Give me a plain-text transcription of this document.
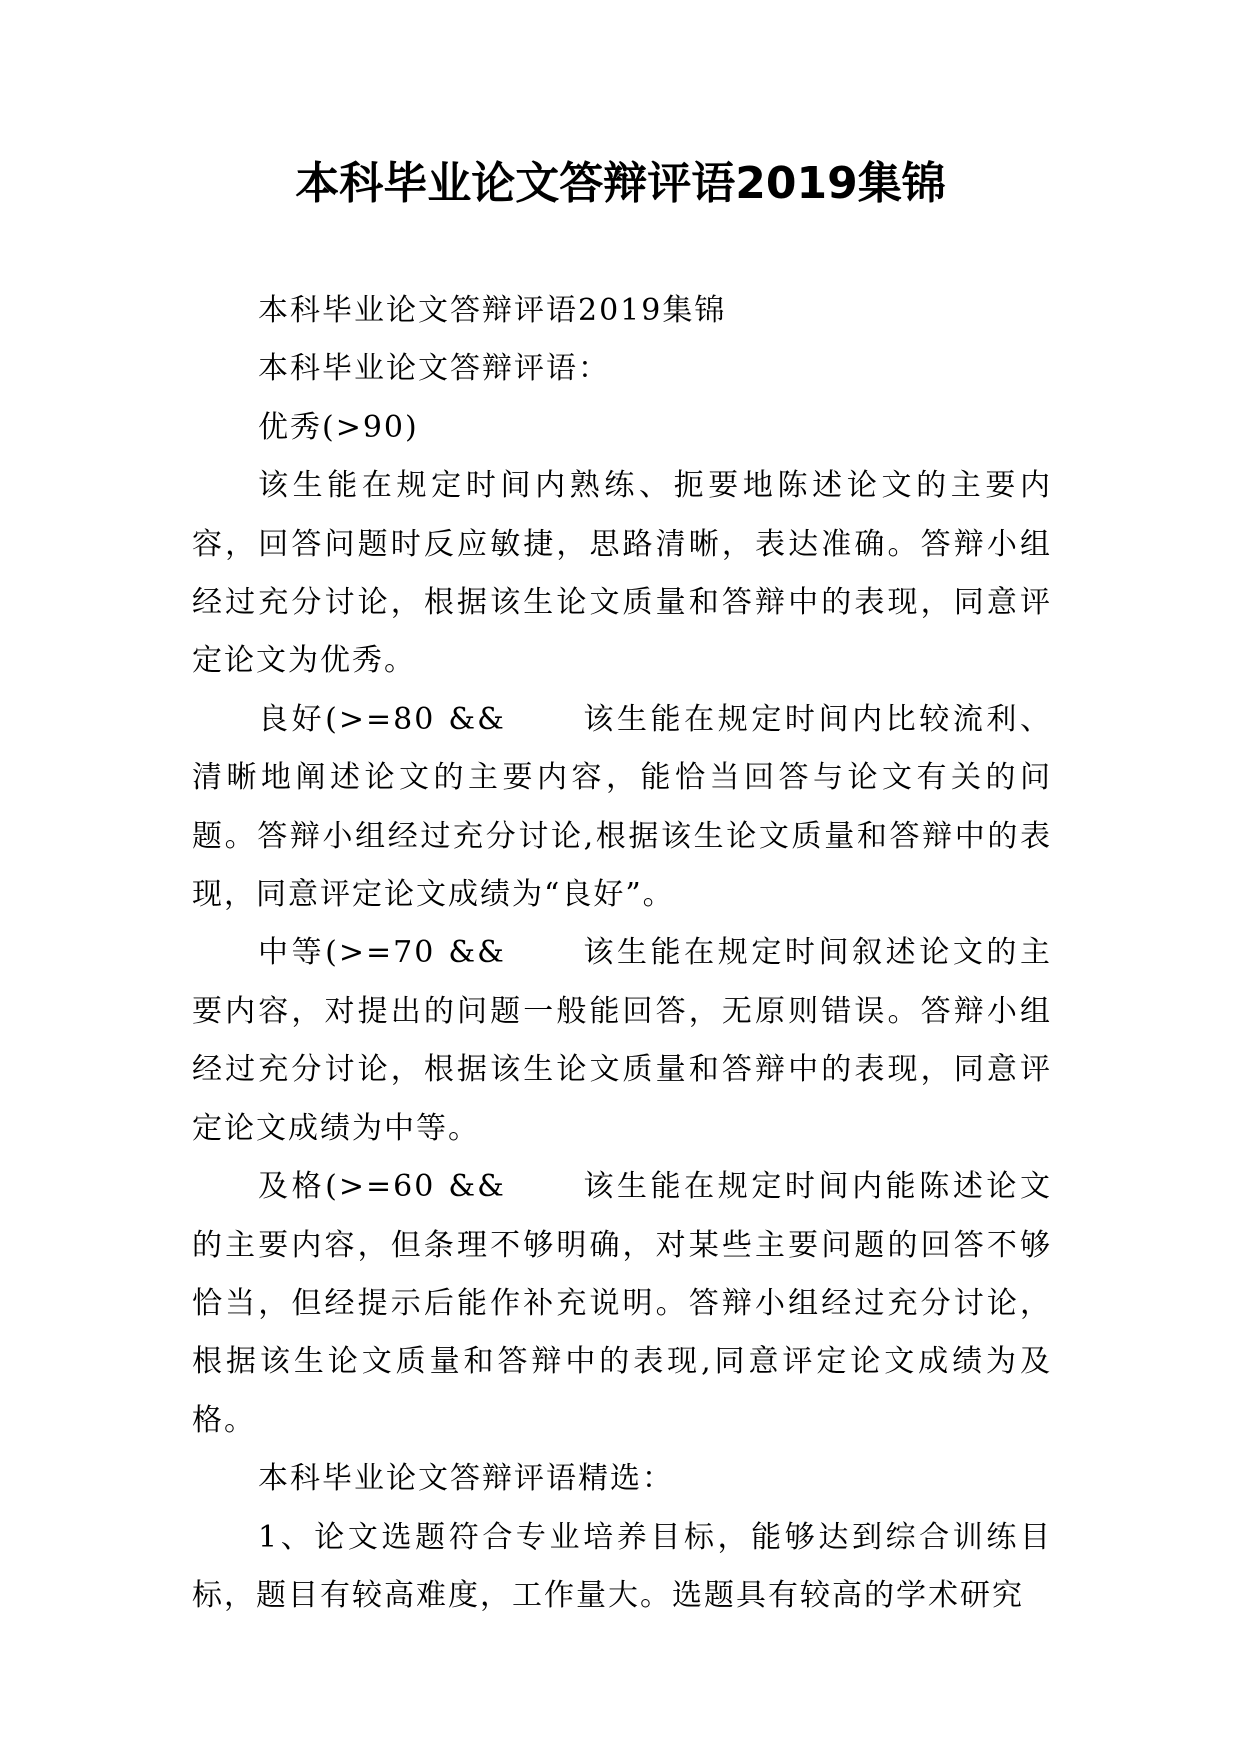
本科毕业论文答辩评语2019集锦

本科毕业论文答辩评语2019集锦

本科毕业论文答辩评语：

优秀(>90)

该生能在规定时间内熟练、扼要地陈述论文的主要内容，回答问题时反应敏捷，思路清晰，表达准确。答辩小组经过充分讨论，根据该生论文质量和答辩中的表现，同意评定论文为优秀。

良好(>=80 &&	该生能在规定时间内比较流利、清晰地阐述论文的主要内容，能恰当回答与论文有关的问题。答辩小组经过充分讨论,根据该生论文质量和答辩中的表现，同意评定论文成绩为“良好”。

中等(>=70 &&	该生能在规定时间叙述论文的主要内容，对提出的问题一般能回答，无原则错误。答辩小组经过充分讨论，根据该生论文质量和答辩中的表现，同意评定论文成绩为中等。

及格(>=60 &&	该生能在规定时间内能陈述论文的主要内容，但条理不够明确，对某些主要问题的回答不够恰当，但经提示后能作补充说明。答辩小组经过充分讨论，根据该生论文质量和答辩中的表现,同意评定论文成绩为及格。

本科毕业论文答辩评语精选：

1、论文选题符合专业培养目标，能够达到综合训练目标，题目有较高难度，工作量大。选题具有较高的学术研究
